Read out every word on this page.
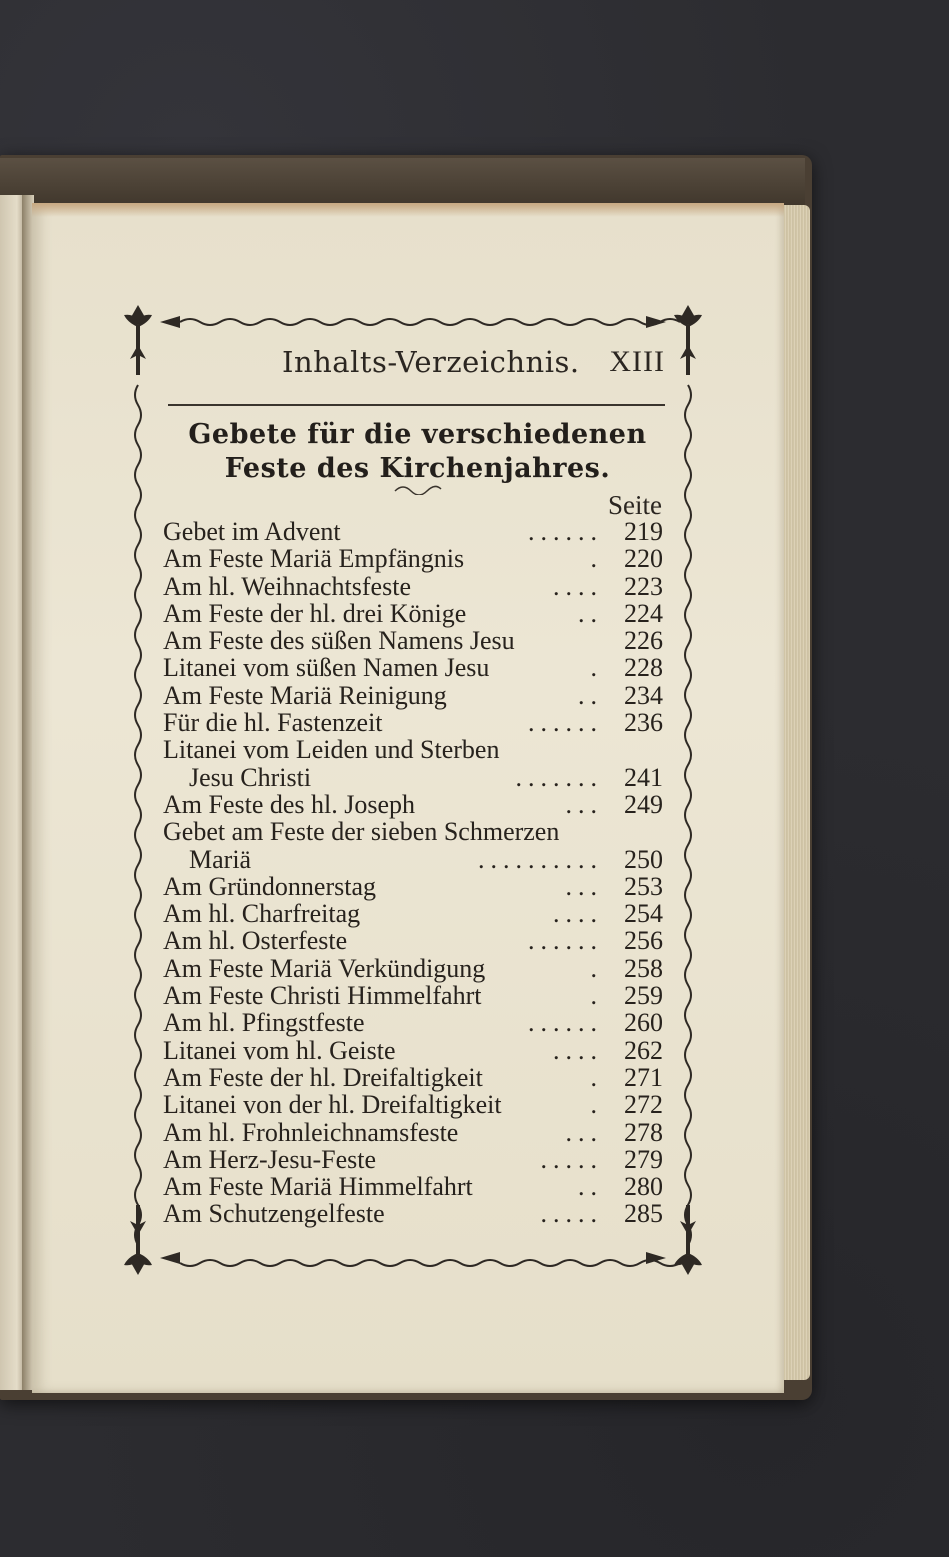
Inhalts-Verzeichnis. XIII
Gebete für die verschiedenen
Feste des Kirchenjahres.
Seite
Gebet im Advent	...... 219
Am Feste Mariä Empfängnis	. 220
Am hl. Weihnachtsfeste	.... 223
Am Feste der hl. drei Könige	.. 224
Am Feste des süßen Namens Jesu	226
Litanei vom süßen Namen Jesu	. 228
Am Feste Mariä Reinigung	.. 234
Für die hl. Fastenzeit	...... 236
Litanei vom Leiden und Sterben
Jesu Christi	....... 241
Am Feste des hl. Joseph	... 249
Gebet am Feste der sieben Schmerzen
Mariä	.......... 250
Am Gründonnerstag	... 253
Am hl. Charfreitag	.... 254
Am hl. Osterfeste	...... 256
Am Feste Mariä Verkündigung	. 258
Am Feste Christi Himmelfahrt	. 259
Am hl. Pfingstfeste	...... 260
Litanei vom hl. Geiste	.... 262
Am Feste der hl. Dreifaltigkeit	. 271
Litanei von der hl. Dreifaltigkeit	. 272
Am hl. Frohnleichnamsfeste	... 278
Am Herz-Jesu-Feste	..... 279
Am Feste Mariä Himmelfahrt	.. 280
Am Schutzengelfeste	..... 285
